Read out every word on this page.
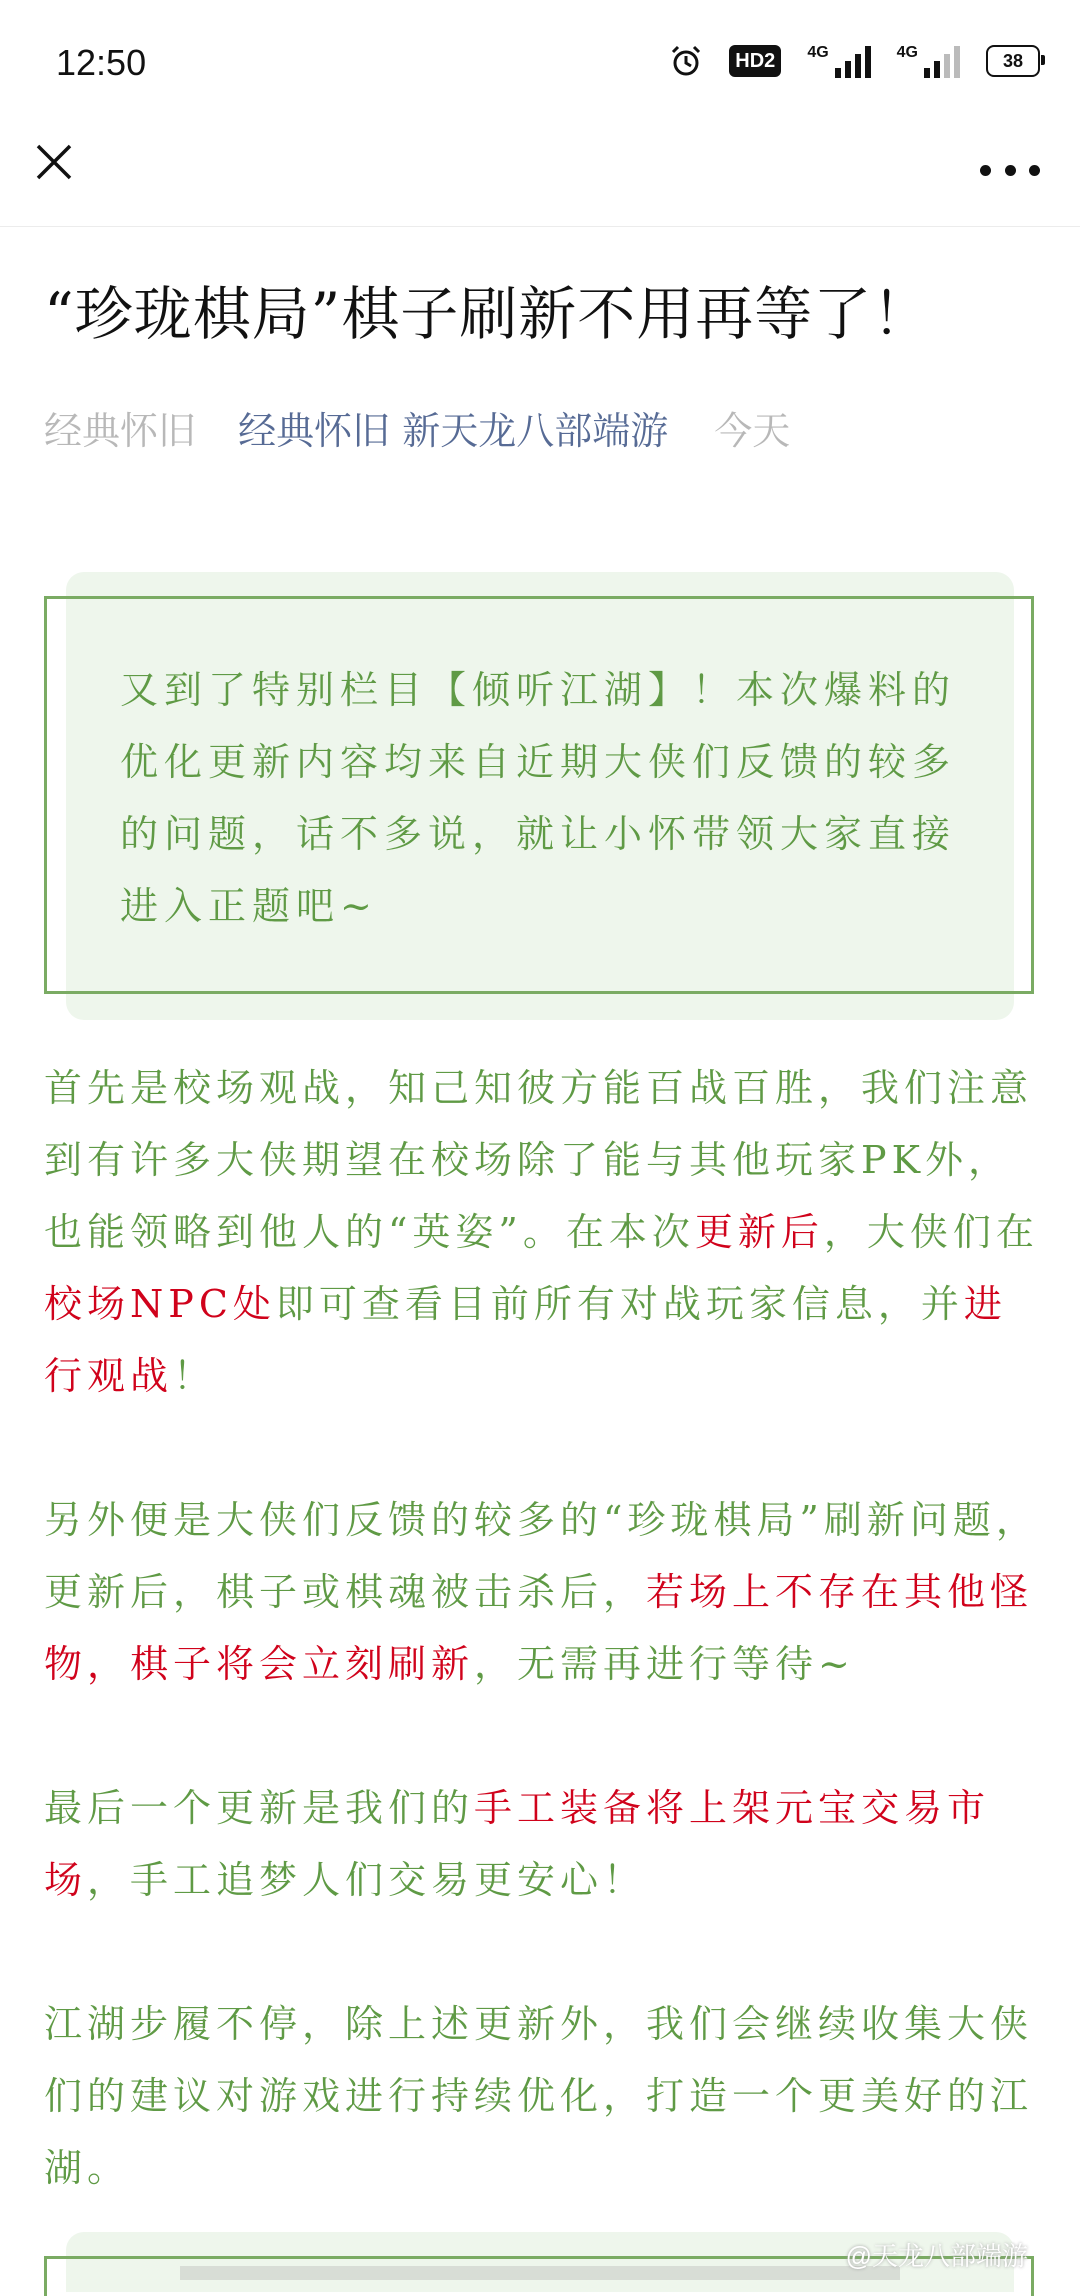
12:50	HD2	4G	4G	38
“珍珑棋局”棋子刷新不用再等了！
经典怀旧 经典怀旧 新天龙八部端游 今天
又到了特别栏目【倾听江湖】！本次爆料的优化更新内容均来自近期大侠们反馈的较多的问题，话不多说，就让小怀带领大家直接进入正题吧~
首先是校场观战，知己知彼方能百战百胜，我们注意到有许多大侠期望在校场除了能与其他玩家PK外，也能领略到他人的“英姿”。在本次更新后，大侠们在校场NPC处即可查看目前所有对战玩家信息，并进行观战！
另外便是大侠们反馈的较多的“珍珑棋局”刷新问题，更新后，棋子或棋魂被击杀后，若场上不存在其他怪物，棋子将会立刻刷新，无需再进行等待~
最后一个更新是我们的手工装备将上架元宝交易市场，手工追梦人们交易更安心！
江湖步履不停，除上述更新外，我们会继续收集大侠们的建议对游戏进行持续优化，打造一个更美好的江湖。
@天龙八部端游
